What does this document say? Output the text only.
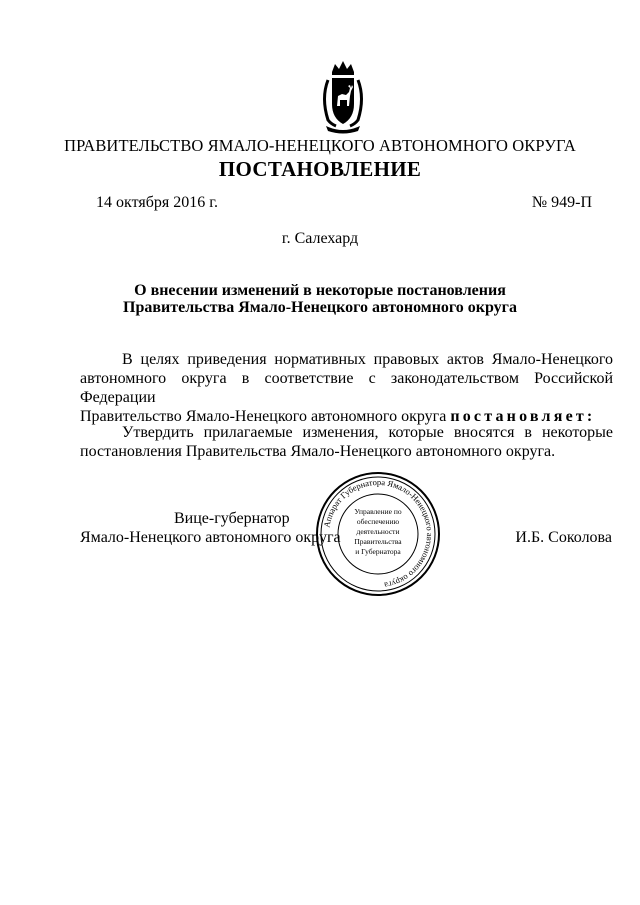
ПРАВИТЕЛЬСТВО ЯМАЛО-НЕНЕЦКОГО АВТОНОМНОГО ОКРУГА
ПОСТАНОВЛЕНИЕ
14 октября 2016 г.	№ 949-П
г. Салехард
О внесении изменений в некоторые постановления
Правительства Ямало-Ненецкого автономного округа
В целях приведения нормативных правовых актов Ямало-Ненецкого
автономного округа в соответствие с законодательством Российской Федерации
Правительство Ямало-Ненецкого автономного округа постановляет:
Утвердить прилагаемые изменения, которые вносятся в некоторые
постановления Правительства Ямало-Ненецкого автономного округа.
Вице-губернатор
Ямало-Ненецкого автономного округа	И.Б. Соколова
Аппарат Губернатора Ямало-Ненецкого автономного округа
Управление по
обеспечению
деятельности
Правительства
и Губернатора
